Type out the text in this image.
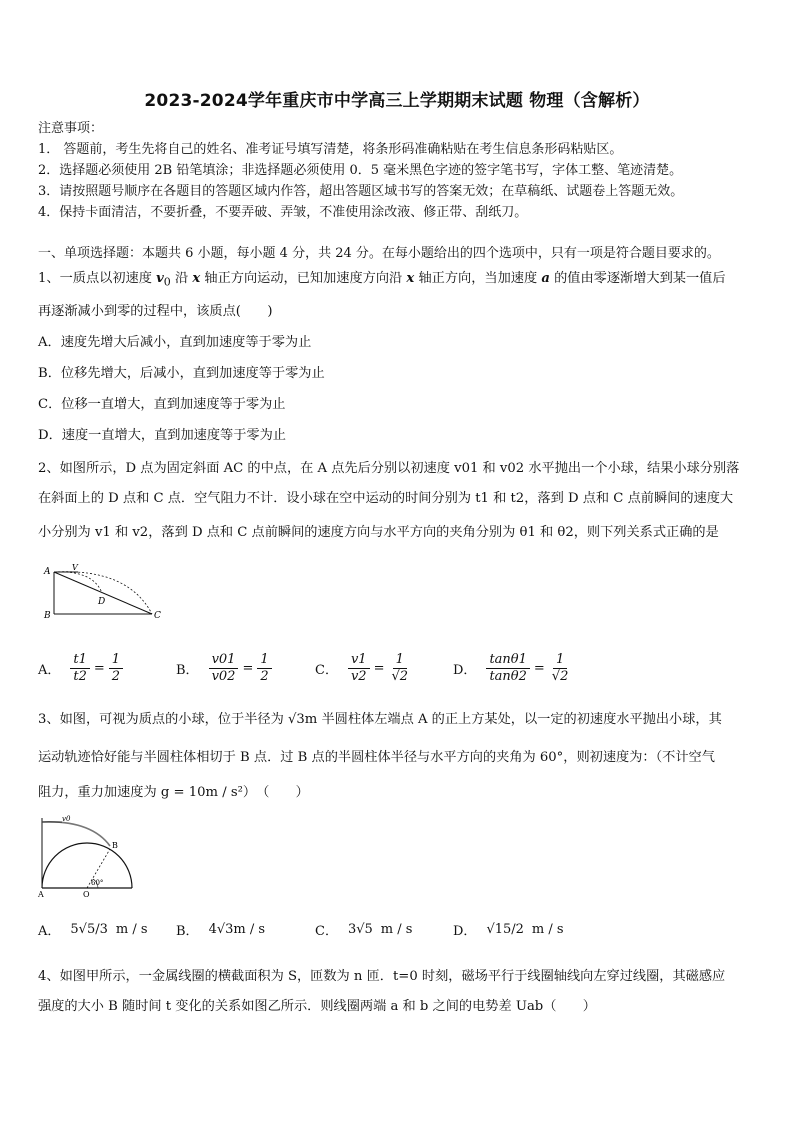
2023-2024学年重庆市中学高三上学期期末试题 物理（含解析）
注意事项：
1． 答题前，考生先将自己的姓名、准考证号填写清楚，将条形码准确粘贴在考生信息条形码粘贴区。
2．选择题必须使用 2B 铅笔填涂；非选择题必须使用 0．5 毫米黑色字迹的签字笔书写，字体工整、笔迹清楚。
3．请按照题号顺序在各题目的答题区域内作答，超出答题区域书写的答案无效；在草稿纸、试题卷上答题无效。
4．保持卡面清洁，不要折叠，不要弄破、弄皱，不准使用涂改液、修正带、刮纸刀。
一、单项选择题：本题共 6 小题，每小题 4 分，共 24 分。在每小题给出的四个选项中，只有一项是符合题目要求的。
1、一质点以初速度 $v_0$ 沿 x 轴正方向运动，已知加速度方向沿 x 轴正方向，当加速度 a 的值由零逐渐增大到某一值后
再逐渐减小到零的过程中，该质点(　　)
A．速度先增大后减小，直到加速度等于零为止
B．位移先增大，后减小，直到加速度等于零为止
C．位移一直增大，直到加速度等于零为止
D．速度一直增大，直到加速度等于零为止
2、如图所示，D 点为固定斜面 AC 的中点，在 A 点先后分别以初速度 v01 和 v02 水平抛出一个小球，结果小球分别落
在斜面上的 D 点和 C 点．空气阻力不计．设小球在空中运动的时间分别为 t1 和 t2，落到 D 点和 C 点前瞬间的速度大
小分别为 v1 和 v2，落到 D 点和 C 点前瞬间的速度方向与水平方向的夹角分别为 θ1 和 θ2，则下列关系式正确的是
A
B	C
D
V
A． $\frac{t1}{t2} = \frac{1}{2}$	B． $\frac{v01}{v02} = \frac{1}{2}$	C． $\frac{v1}{v2} = \frac{1}{√2}$	D． $\frac{\tan\theta 1}{\tan\theta 2} = \frac{1}{√2}$
3、如图，可视为质点的小球，位于半径为 √3m 半圆柱体左端点 A 的正上方某处，以一定的初速度水平抛出小球，其
运动轨迹恰好能与半圆柱体相切于 B 点．过 B 点的半圆柱体半径与水平方向的夹角为 60°，则初速度为：（不计空气
阻力，重力加速度为 g = 10m / s²）　（　　）
v0
B
A	O
60°
A． 5√5/3 m / s B． 4√3m / s	C． 3√5 m / s	D． √15/2 m / s
4、如图甲所示，一金属线圈的横截面积为 S，匝数为 n 匝．t=0 时刻，磁场平行于线圈轴线向左穿过线圈，其磁感应
强度的大小 B 随时间 t 变化的关系如图乙所示．则线圈两端 a 和 b 之间的电势差 Uab（　　）
